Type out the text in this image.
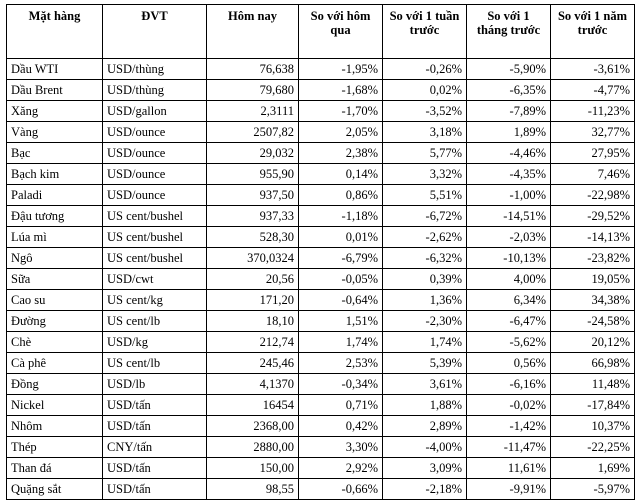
Mặt hàng	ĐVT	Hôm nay	So với hôm qua	So với 1 tuần trước	So với 1 tháng trước	So với 1 năm trước
Dầu WTI	USD/thùng	76,638	-1,95%	-0,26%	-5,90%	-3,61%
Dầu Brent	USD/thùng	79,680	-1,68%	0,02%	-6,35%	-4,77%
Xăng	USD/gallon	2,3111	-1,70%	-3,52%	-7,89%	-11,23%
Vàng	USD/ounce	2507,82	2,05%	3,18%	1,89%	32,77%
Bạc	USD/ounce	29,032	2,38%	5,77%	-4,46%	27,95%
Bạch kim	USD/ounce	955,90	0,14%	3,32%	-4,35%	7,46%
Paladi	USD/ounce	937,50	0,86%	5,51%	-1,00%	-22,98%
Đậu tương	US cent/bushel	937,33	-1,18%	-6,72%	-14,51%	-29,52%
Lúa mì	US cent/bushel	528,30	0,01%	-2,62%	-2,03%	-14,13%
Ngô	US cent/bushel	370,0324	-6,79%	-6,32%	-10,13%	-23,82%
Sữa	USD/cwt	20,56	-0,05%	0,39%	4,00%	19,05%
Cao su	US cent/kg	171,20	-0,64%	1,36%	6,34%	34,38%
Đường	US cent/lb	18,10	1,51%	-2,30%	-6,47%	-24,58%
Chè	USD/kg	212,74	1,74%	1,74%	-5,62%	20,12%
Cà phê	US cent/lb	245,46	2,53%	5,39%	0,56%	66,98%
Đồng	USD/lb	4,1370	-0,34%	3,61%	-6,16%	11,48%
Nickel	USD/tấn	16454	0,71%	1,88%	-0,02%	-17,84%
Nhôm	USD/tấn	2368,00	0,42%	2,89%	-1,42%	10,37%
Thép	CNY/tấn	2880,00	3,30%	-4,00%	-11,47%	-22,25%
Than đá	USD/tấn	150,00	2,92%	3,09%	11,61%	1,69%
Quặng sắt	USD/tấn	98,55	-0,66%	-2,18%	-9,91%	-5,97%
